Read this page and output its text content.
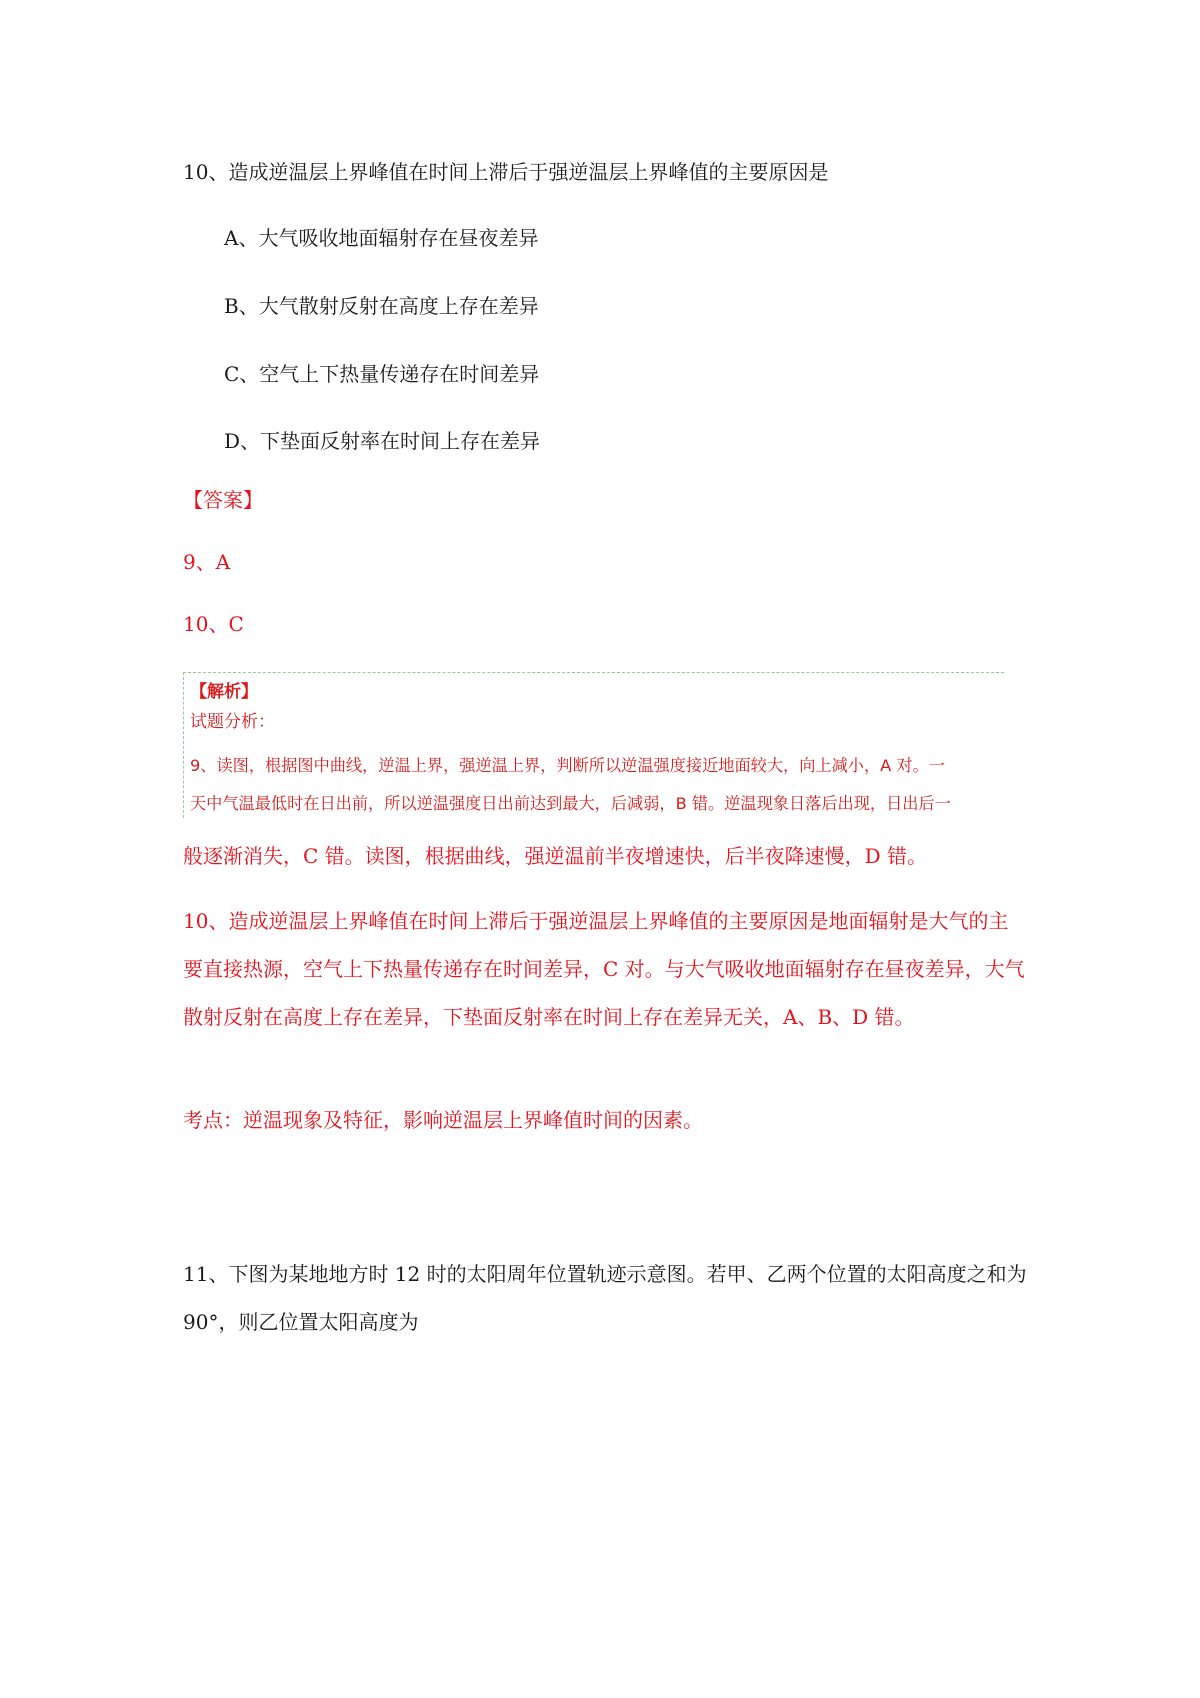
10、造成逆温层上界峰值在时间上滞后于强逆温层上界峰值的主要原因是
A、大气吸收地面辐射存在昼夜差异
B、大气散射反射在高度上存在差异
C、空气上下热量传递存在时间差异
D、下垫面反射率在时间上存在差异
【答案】
9、A
10、C
【解析】
试题分析：
9、读图，根据图中曲线，逆温上界，强逆温上界，判断所以逆温强度接近地面较大，向上减小，A 对。一
天中气温最低时在日出前，所以逆温强度日出前达到最大，后减弱，B 错。逆温现象日落后出现，日出后一
般逐渐消失，C 错。读图，根据曲线，强逆温前半夜增速快，后半夜降速慢，D 错。
10、造成逆温层上界峰值在时间上滞后于强逆温层上界峰值的主要原因是地面辐射是大气的主要直接热源，空气上下热量传递存在时间差异，C 对。与大气吸收地面辐射存在昼夜差异，大气散射反射在高度上存在差异，下垫面反射率在时间上存在差异无关，A、B、D 错。
考点：逆温现象及特征，影响逆温层上界峰值时间的因素。
11、下图为某地地方时 12 时的太阳周年位置轨迹示意图。若甲、乙两个位置的太阳高度之和为 90°，则乙位置太阳高度为
